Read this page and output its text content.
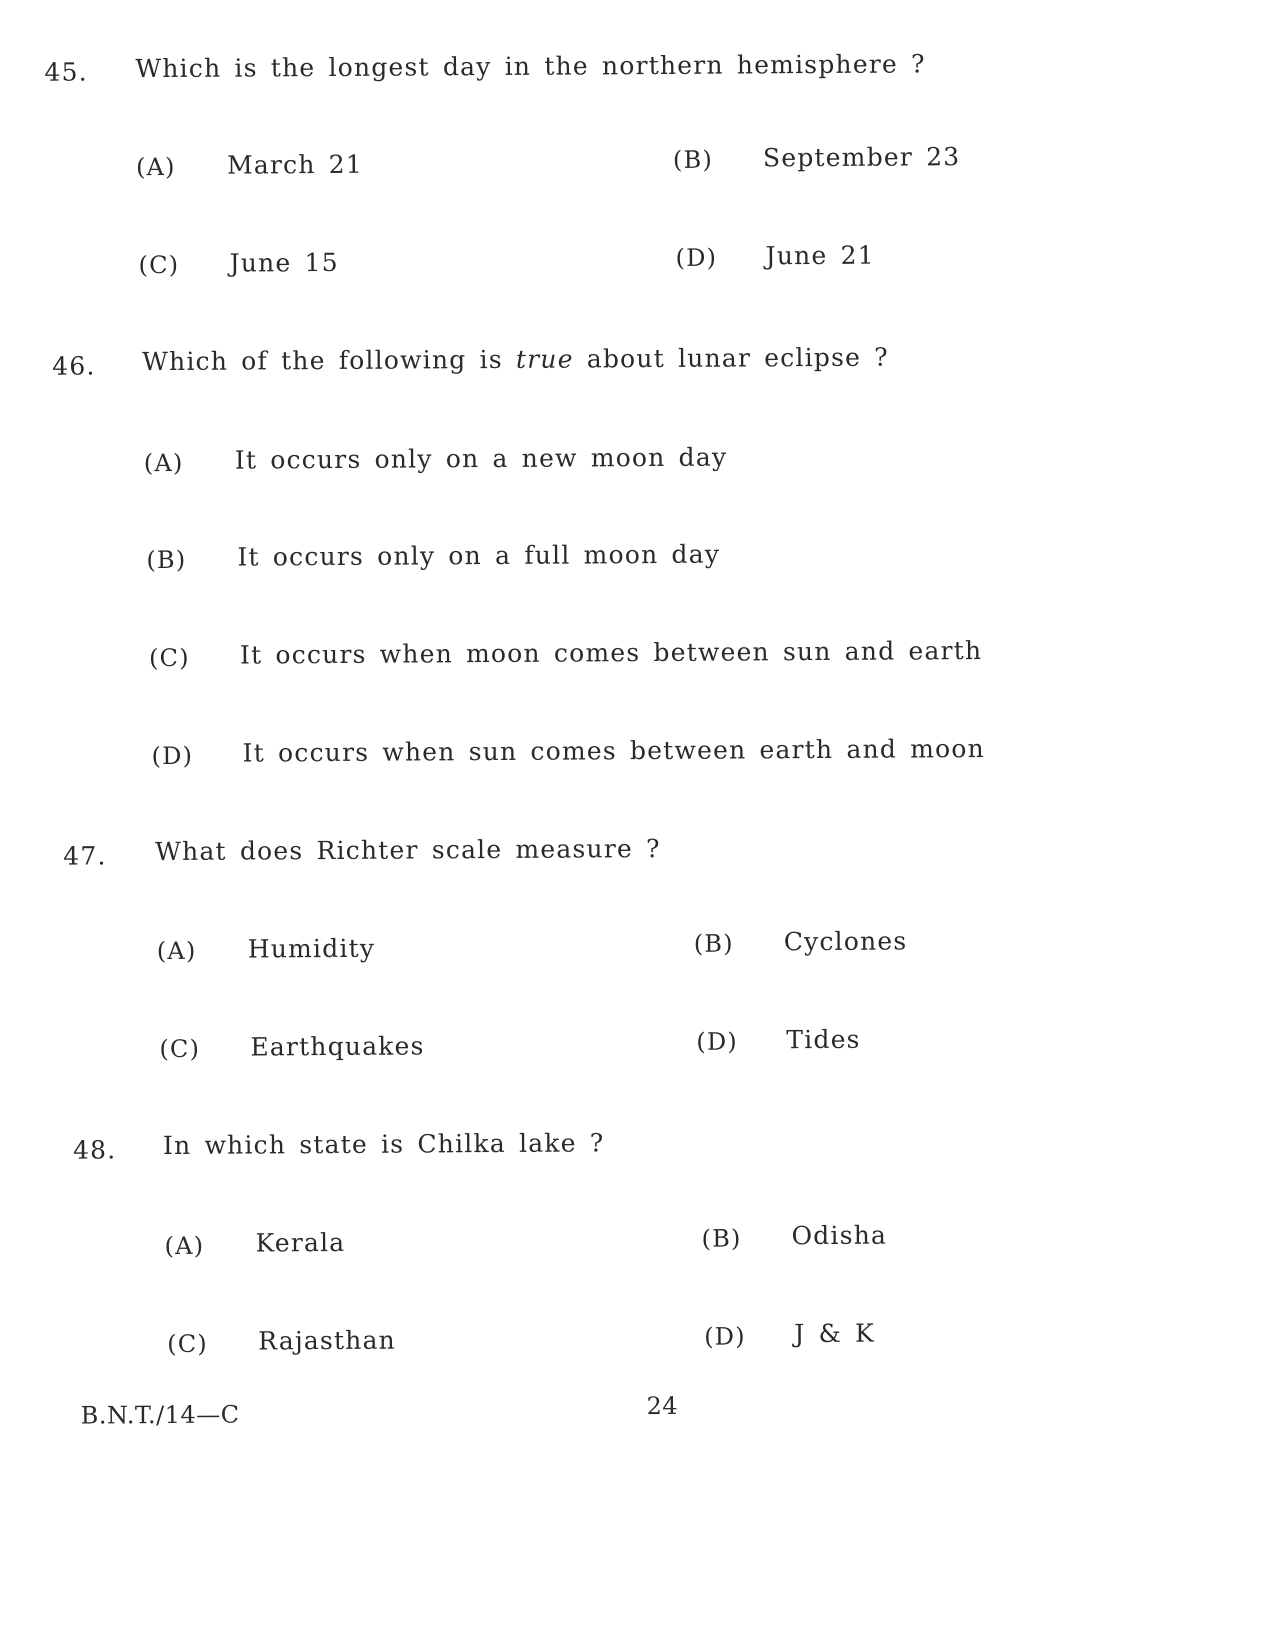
45. Which is the longest day in the northern hemisphere ?
(A) March 21	(B) September 23
(C) June 15	(D) June 21
46. Which of the following is true about lunar eclipse ?
(A) It occurs only on a new moon day
(B) It occurs only on a full moon day
(C) It occurs when moon comes between sun and earth
(D) It occurs when sun comes between earth and moon
47. What does Richter scale measure ?
(A) Humidity	(B) Cyclones
(C) Earthquakes	(D) Tides
48. In which state is Chilka lake ?
(A) Kerala	(B) Odisha
(C) Rajasthan	(D) J & K
B.N.T./14—C	24
